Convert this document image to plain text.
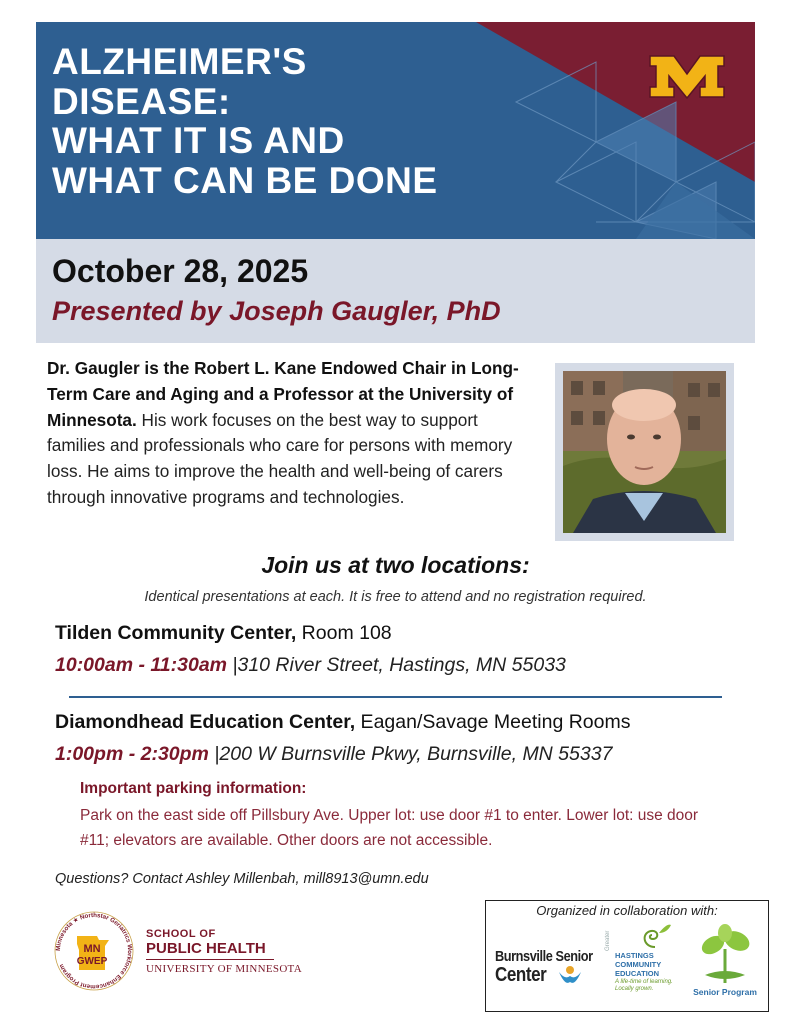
ALZHEIMER'S
DISEASE:
WHAT IT IS AND
WHAT CAN BE DONE
October 28, 2025
Presented by Joseph Gaugler, PhD
Dr. Gaugler is the Robert L. Kane Endowed Chair in Long-Term Care and Aging and a Professor at the University of Minnesota. His work focuses on the best way to support families and professionals who care for persons with memory loss. He aims to improve the health and well-being of carers through innovative programs and technologies.
Join us at two locations:
Identical presentations at each. It is free to attend and no registration required.
Tilden Community Center, Room 108
10:00am - 11:30am |310 River Street, Hastings, MN 55033
Diamondhead Education Center, Eagan/Savage Meeting Rooms
1:00pm - 2:30pm |200 W Burnsville Pkwy, Burnsville, MN 55337
Important parking information:
Park on the east side off Pillsbury Ave. Upper lot: use door #1 to enter. Lower lot: use door #11; elevators are available. Other doors are not accessible.
Questions? Contact Ashley Millenbah, mill8913@umn.edu
Minnesota ★ Northstar Geriatrics Workforce Enhancement Program
MN
GWEP
SCHOOL OF
PUBLIC HEALTH
UNIVERSITY OF MINNESOTA
Organized in collaboration with:
Burnsville Senior
Center
Greater
HASTINGS
COMMUNITY
EDUCATION
A life-time of learning.
Locally grown.	Senior Program
